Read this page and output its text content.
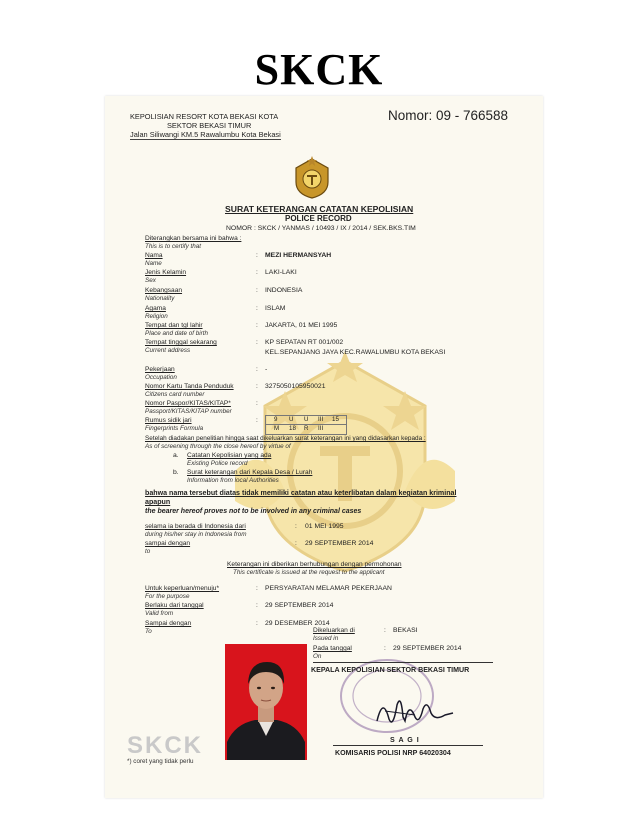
SKCK
KEPOLISIAN RESORT KOTA BEKASI KOTA
SEKTOR BEKASI TIMUR
Jalan Siliwangi KM.5 Rawalumbu Kota Bekasi
Nomor: 09 - 766588
SURAT KETERANGAN CATATAN KEPOLISIAN
POLICE RECORD
NOMOR : SKCK / YANMAS / 10493 / IX / 2014 / SEK.BKS.TIM
Diterangkan bersama ini bahwa :
This is to certify that
Nama
Name
: MEZI HERMANSYAH
Jenis Kelamin
Sex
: LAKI-LAKI
Kebangsaan
Nationality
: INDONESIA
Agama
Religion
: ISLAM
Tempat dan tgl lahir
Place and date of birth
: JAKARTA, 01 MEI 1995
Tempat tinggal sekarang
Current address
: KP SEPATAN RT 001/002
KEL.SEPANJANG JAYA KEC.RAWALUMBU KOTA BEKASI
Pekerjaan
Occupation
: -
Nomor Kartu Tanda Penduduk
Citizens card number
: 3275050105950021
Nomor Paspor/KITAS/KITAP*
Passport/KITAS/KITAP number
:
Rumus sidik jari
Fingerprints Formula
:	9 U U III 15
M 18 R III
Setelah diadakan penelitian hingga saat dikeluarkan surat keterangan ini yang didasarkan kepada :
As of screening through the close hereof by virtue of
a. Catatan Kepolisian yang ada
Existing Police record
b. Surat keterangan dari Kepala Desa / Lurah
Information from local Authorities
bahwa nama tersebut diatas tidak memiliki catatan atau keterlibatan dalam kegiatan kriminal
apapun
the bearer hereof proves not to be involved in any criminal cases
selama ia berada di Indonesia dari
during his/her stay in Indonesia from
: 01 MEI 1995
sampai dengan
to
: 29 SEPTEMBER 2014
Keterangan ini diberikan berhubungan dengan permohonan
This certificate is issued at the request to the applicant
Untuk keperluan/menuju*
For the purpose
: PERSYARATAN MELAMAR PEKERJAAN
Berlaku dari tanggal
Valid from
: 29 SEPTEMBER 2014
Sampai dengan
To
: 29 DESEMBER 2014
Dikeluarkan di
Issued in
: BEKASI
Pada tanggal
On
: 29 SEPTEMBER 2014
KEPALA KEPOLISIAN SEKTOR BEKASI TIMUR
S A G I
KOMISARIS POLISI NRP 64020304
SKCK
*) coret yang tidak perlu
